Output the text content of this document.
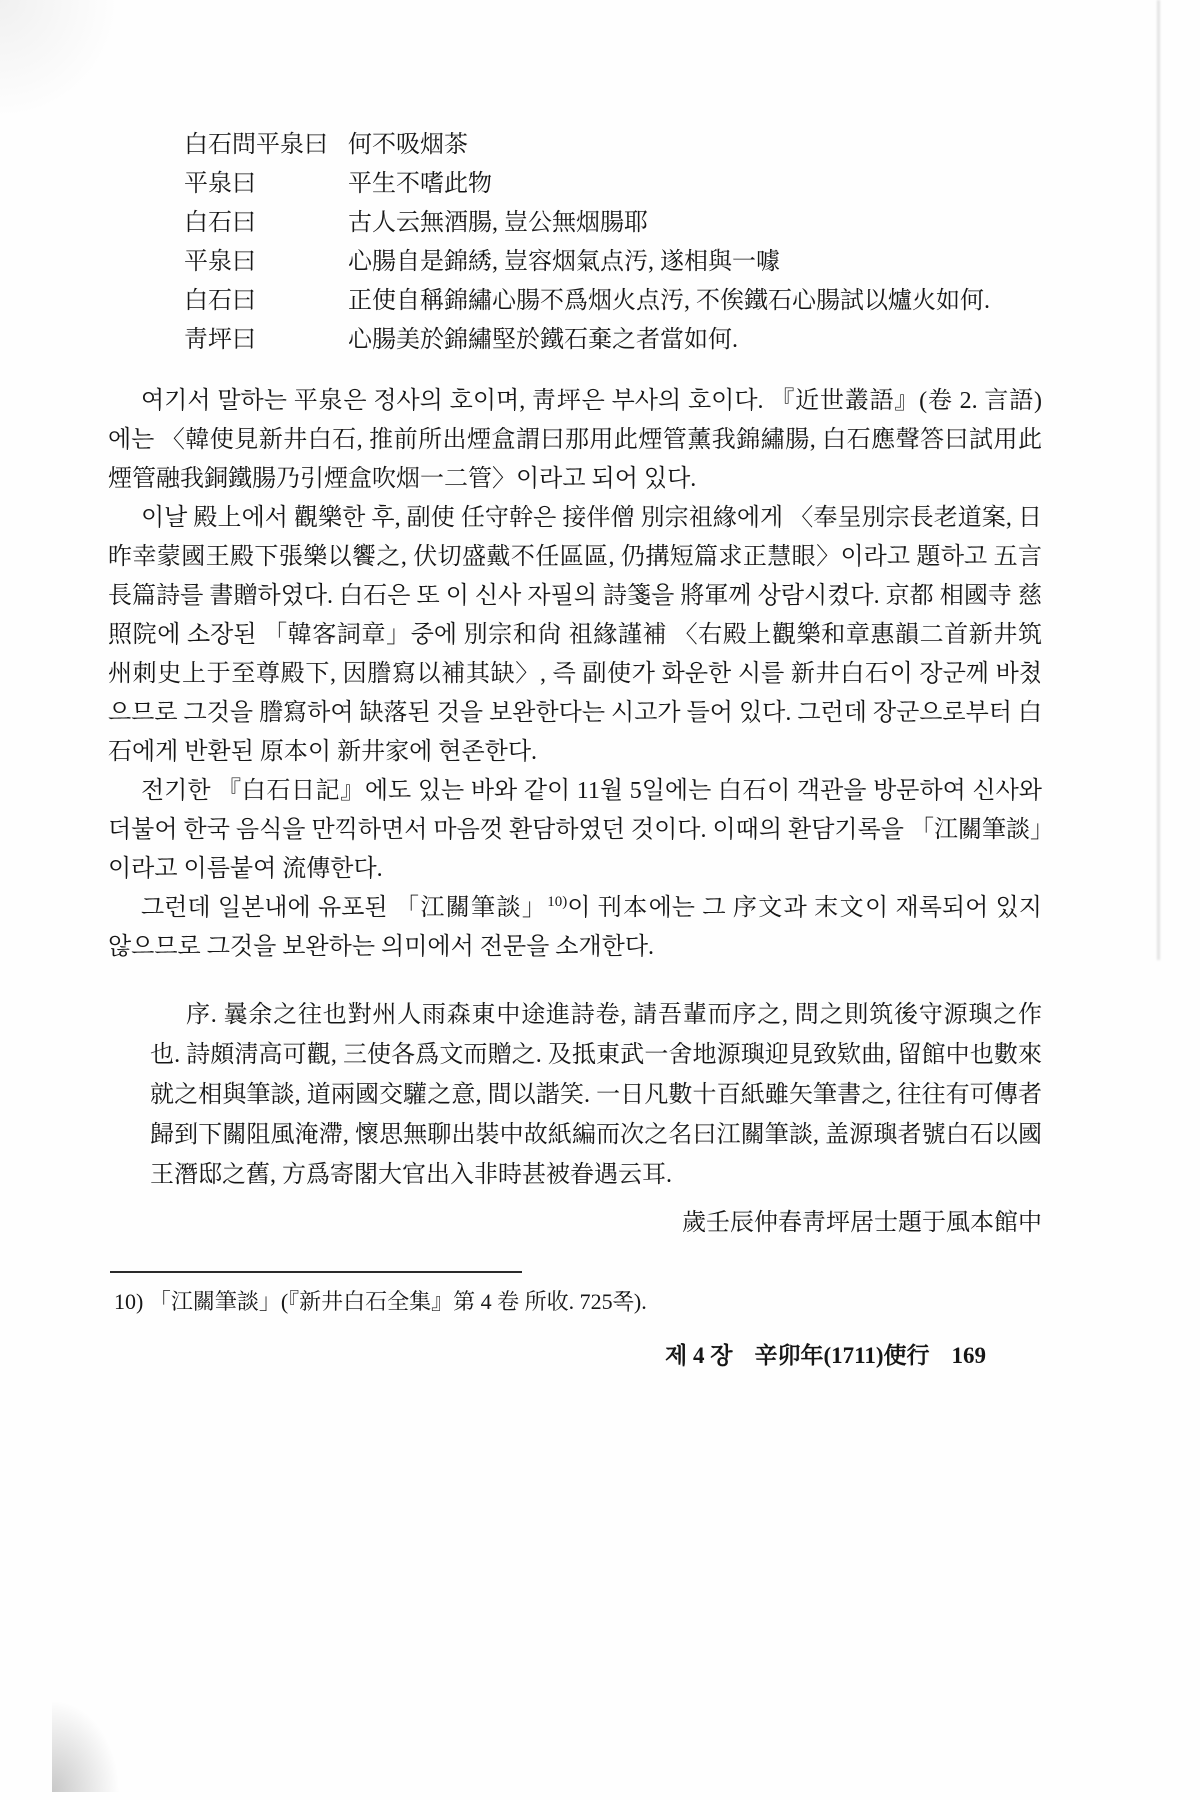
白石問平泉曰 何不吸烟茶
平泉曰	平生不嗜此物
白石曰	古人云無酒腸, 豈公無烟腸耶
平泉曰	心腸自是錦綉, 豈容烟氣点汚, 遂相與一噱
白石曰	正使自稱錦繡心腸不爲烟火点汚, 不俟鐵石心腸試以爐火如何.
靑坪曰	心腸美於錦繡堅於鐵石棄之者當如何.

여기서 말하는 平泉은 정사의 호이며, 靑坪은 부사의 호이다. 『近世叢語』(卷 2. 言語)에는 〈韓使見新井白石, 推前所出煙盒謂曰那用此煙管薰我錦繡腸, 白石應聲答曰試用此煙管融我銅鐵腸乃引煙盒吹烟一二管〉이라고 되어 있다.

이날 殿上에서 觀樂한 후, 副使 任守幹은 接伴僧 別宗祖緣에게 〈奉呈別宗長老道案, 日昨幸蒙國王殿下張樂以饗之, 伏切盛戴不任區區, 仍搆短篇求正慧眼〉이라고 題하고 五言長篇詩를 書贈하였다. 白石은 또 이 신사 자필의 詩箋을 將軍께 상람시켰다. 京都 相國寺 慈照院에 소장된 「韓客詞章」중에 別宗和尙 祖緣謹補 〈右殿上觀樂和章惠韻二首新井筑州刺史上于至尊殿下, 因謄寫以補其缺〉, 즉 副使가 화운한 시를 新井白石이 장군께 바쳤으므로 그것을 謄寫하여 缺落된 것을 보완한다는 시고가 들어 있다. 그런데 장군으로부터 白石에게 반환된 原本이 新井家에 현존한다.

전기한 『白石日記』에도 있는 바와 같이 11월 5일에는 白石이 객관을 방문하여 신사와 더불어 한국 음식을 만끽하면서 마음껏 환담하였던 것이다. 이때의 환담기록을 「江關筆談」이라고 이름붙여 流傳한다.

그런데 일본내에 유포된 「江關筆談」$^{10)}$이 刊本에는 그 序文과 末文이 재록되어 있지 않으므로 그것을 보완하는 의미에서 전문을 소개한다.

序. 曩余之往也對州人雨森東中途進詩卷, 請吾輩而序之, 問之則筑後守源璵之作也. 詩頗淸高可觀, 三使各爲文而贈之. 及抵東武一舍地源璵迎見致欵曲, 留館中也數來就之相與筆談, 道兩國交驩之意, 間以諧笑. 一日凡數十百紙雖矢筆書之, 往往有可傳者歸到下關阻風淹滯, 懷思無聊出裝中故紙編而次之名曰江關筆談, 盖源璵者號白石以國王潛邸之舊, 方爲寄閣大官出入非時甚被眷遇云耳.

歲壬辰仲春靑坪居士題于風本館中
10) 「江關筆談」(『新井白石全集』第 4 卷 所收. 725쪽).
제 4 장 辛卯年(1711)使行 169
